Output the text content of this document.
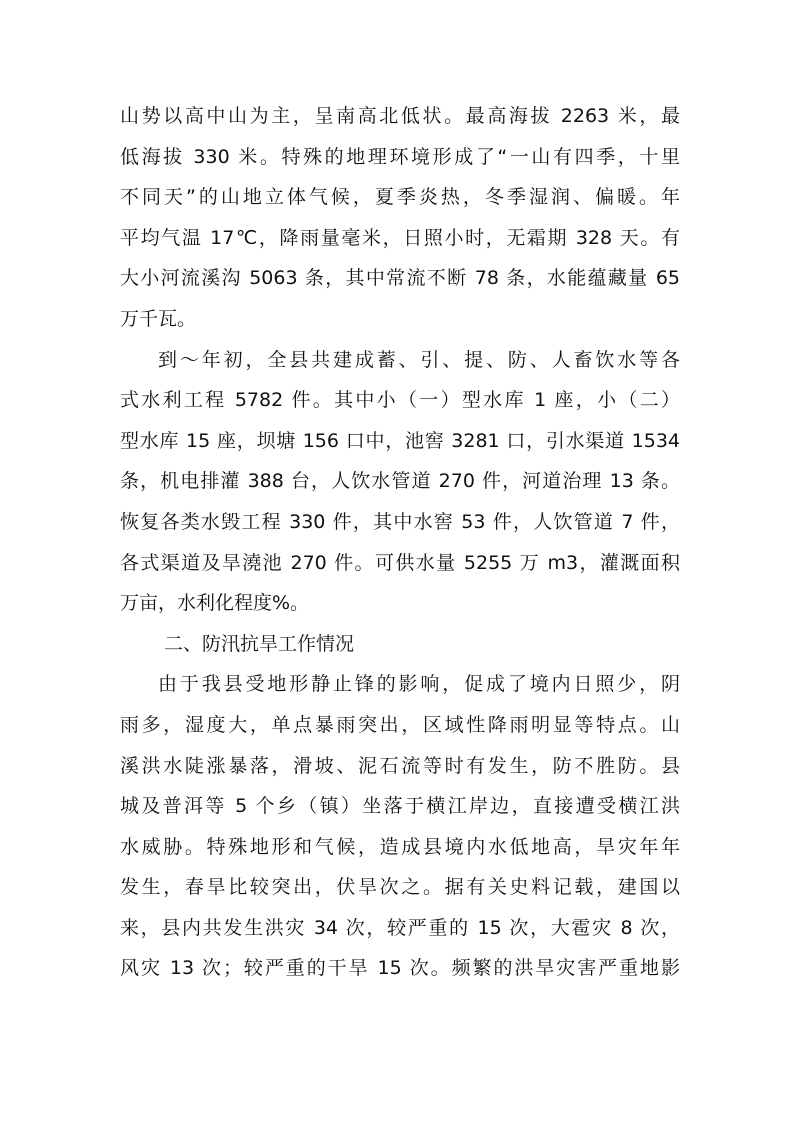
山势以高中山为主，呈南高北低状。最高海拔 2263 米，最
低海拔 330 米。特殊的地理环境形成了“一山有四季，十里
不同天”的山地立体气候，夏季炎热，冬季湿润、偏暖。年
平均气温 17℃，降雨量毫米，日照小时，无霜期 328 天。有
大小河流溪沟 5063 条，其中常流不断 78 条，水能蕴藏量 65
万千瓦。
到～年初，全县共建成蓄、引、提、防、人畜饮水等各
式水利工程 5782 件。其中小（一）型水库 1 座，小（二）
型水库 15 座，坝塘 156 口中，池窖 3281 口，引水渠道 1534
条，机电排灌 388 台，人饮水管道 270 件，河道治理 13 条。
恢复各类水毁工程 330 件，其中水窖 53 件，人饮管道 7 件，
各式渠道及旱澆池 270 件。可供水量 5255 万 m3，灌溉面积
万亩，水利化程度%。
二、防汛抗旱工作情况
由于我县受地形静止锋的影响，促成了境内日照少，阴
雨多，湿度大，单点暴雨突出，区域性降雨明显等特点。山
溪洪水陡涨暴落，滑坡、泥石流等时有发生，防不胜防。县
城及普洱等 5 个乡（镇）坐落于横江岸边，直接遭受横江洪
水威胁。特殊地形和气候，造成县境内水低地高，旱灾年年
发生，春旱比较突出，伏旱次之。据有关史料记载，建国以
来，县内共发生洪灾 34 次，较严重的 15 次，大雹灾 8 次，
风灾 13 次；较严重的干旱 15 次。频繁的洪旱灾害严重地影
